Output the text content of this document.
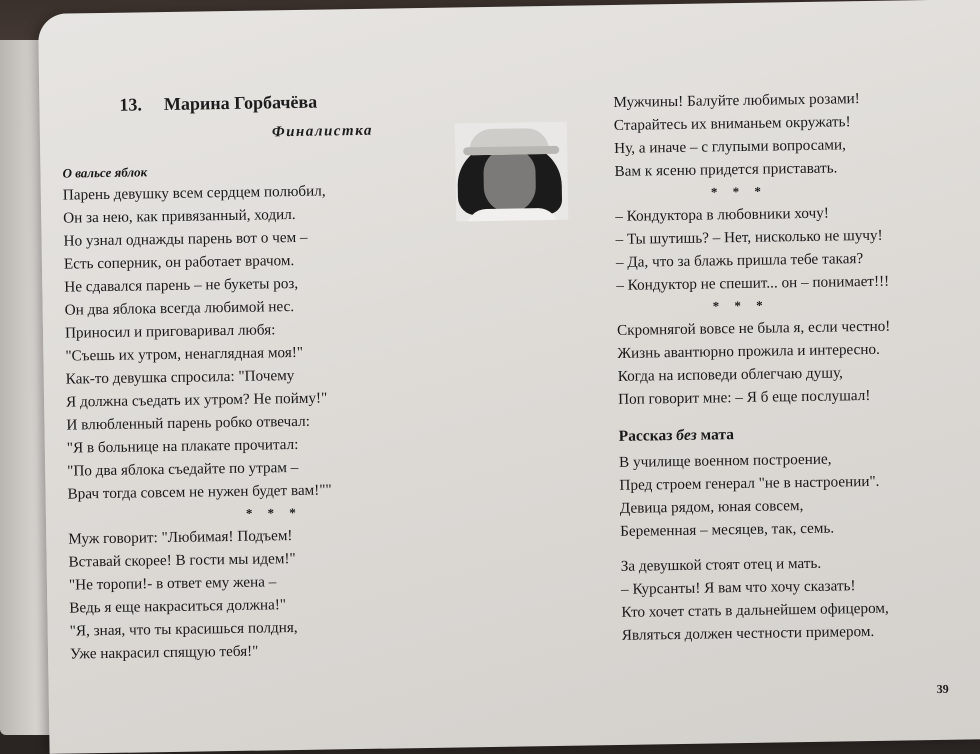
13. Марина Горбачёва
Финалистка
О вальсе яблок
Парень девушку всем сердцем полюбил,
Он за нею, как привязанный, ходил.
Но узнал однажды парень вот о чем –
Есть соперник, он работает врачом.
Не сдавался парень – не букеты роз,
Он два яблока всегда любимой нес.
Приносил и приговаривал любя:
"Съешь их утром, ненаглядная моя!"
Как-то девушка спросила: "Почему
Я должна съедать их утром? Не пойму!"
И влюбленный парень робко отвечал:
"Я в больнице на плакате прочитал:
"По два яблока съедайте по утрам –
Врач тогда совсем не нужен будет вам!""
* * *
Муж говорит: "Любимая! Подъем!
Вставай скорее! В гости мы идем!"
"Не торопи!- в ответ ему жена –
Ведь я еще накраситься должна!"
"Я, зная, что ты красишься полдня,
Уже накрасил спящую тебя!"
Мужчины! Балуйте любимых розами!
Старайтесь их вниманьем окружать!
Ну, а иначе – с глупыми вопросами,
Вам к ясеню придется приставать.
* * *
– Кондуктора в любовники хочу!
– Ты шутишь? – Нет, нисколько не шучу!
– Да, что за блажь пришла тебе такая?
– Кондуктор не спешит... он – понимает!!!
* * *
Скромнягой вовсе не была я, если честно!
Жизнь авантюрно прожила и интересно.
Когда на исповеди облегчаю душу,
Поп говорит мне: – Я б еще послушал!
Рассказ без мата
В училище военном построение,
Пред строем генерал "не в настроении".
Девица рядом, юная совсем,
Беременная – месяцев, так, семь.
За девушкой стоят отец и мать.
– Курсанты! Я вам что хочу сказать!
Кто хочет стать в дальнейшем офицером,
Являться должен честности примером.
39
